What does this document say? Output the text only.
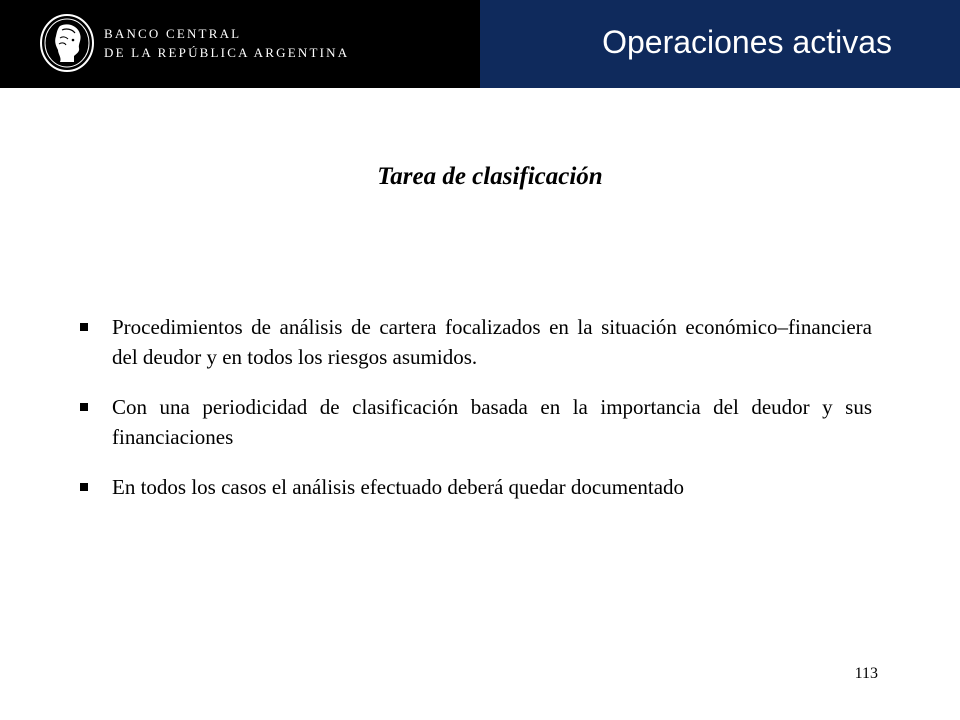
BANCO CENTRAL
DE LA REPÚBLICA ARGENTINA	Operaciones activas
Tarea de clasificación
Procedimientos de análisis de cartera focalizados en la situación económico–financiera del deudor y en todos los riesgos asumidos.
Con una periodicidad de clasificación basada en la importancia del deudor y sus financiaciones
En todos los casos el análisis efectuado deberá quedar documentado
113
